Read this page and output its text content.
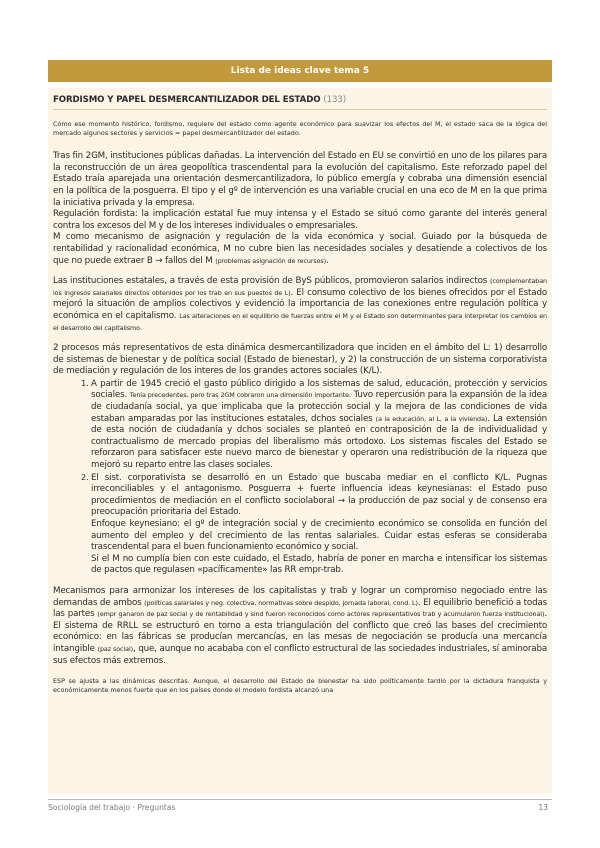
Lista de ideas clave tema 5
FORDISMO Y PAPEL DESMERCANTILIZADOR DEL ESTADO (133)

Cómo ese momento histórico, fordismo, requiere del estado como agente económico para suavizar los efectos del M, el estado saca de la lógica del mercado algunos sectores y servicios = papel desmercantilizador del estado.

Tras fin 2GM, instituciones públicas dañadas. La intervención del Estado en EU se convirtió en uno de los pilares para la reconstrucción de un área geopolítica trascendental para la evolución del capitalismo. Este reforzado papel del Estado traía aparejada una orientación desmercantilizadora, lo público emergía y cobraba una dimensión esencial en la política de la posguerra. El tipo y el gº de intervención es una variable crucial en una eco de M en la que prima la iniciativa privada y la empresa.
Regulación fordista: la implicación estatal fue muy intensa y el Estado se situó como garante del interés general contra los excesos del M y de los intereses individuales o empresariales.
M como mecanismo de asignación y regulación de la vida económica y social. Guiado por la búsqueda de rentabilidad y racionalidad económica, M no cubre bien las necesidades sociales y desatiende a colectivos de los que no puede extraer B → fallos del M (problemas asignación de recursos).

Las instituciones estatales, a través de esta provisión de ByS públicos, promovieron salarios indirectos (complementaban los ingresos salariales directos obtenidos por los trab en sus puestos de L). El consumo colectivo de los bienes ofrecidos por el Estado mejoró la situación de amplios colectivos y evidenció la importancia de las conexiones entre regulación política y económica en el capitalismo. Las alteraciones en el equilibrio de fuerzas entre el M y el Estado son determinantes para interpretar los cambios en el desarrollo del capitalismo.

2 procesos más representativos de esta dinámica desmercantilizadora que inciden en el ámbito del L: 1) desarrollo de sistemas de bienestar y de política social (Estado de bienestar), y 2) la construcción de un sistema corporativista de mediación y regulación de los interes de los grandes actores sociales (K/L).

1. A partir de 1945 creció el gasto público dirigido a los sistemas de salud, educación, protección y servicios sociales. Tenía precedentes, pero tras 2GM cobraron una dimensión importante. Tuvo repercusión para la expansión de la idea de ciudadanía social, ya que implicaba que la protección social y la mejora de las condiciones de vida estaban amparadas por las instituciones estatales, dchos sociales (a la educación, al L, a la vivienda). La extensión de esta noción de ciudadanía y dchos sociales se planteó en contraposición de la de individualidad y contractualismo de mercado propias del liberalismo más ortodoxo. Los sistemas fiscales del Estado se reforzaron para satisfacer este nuevo marco de bienestar y operaron una redistribución de la riqueza que mejoró su reparto entre las clases sociales.
2. El sist. corporativista se desarrolló en un Estado que buscaba mediar en el conflicto K/L. Pugnas irreconciliables y el antagonismo. Posguerra + fuerte influencia ideas keynesianas: el Estado puso procedimientos de mediación en el conflicto sociolaboral → la producción de paz social y de consenso era preocupación prioritaria del Estado.
Enfoque keynesiano: el gº de integración social y de crecimiento económico se consolida en función del aumento del empleo y del crecimiento de las rentas salariales. Cuidar estas esferas se consideraba trascendental para el buen funcionamiento económico y social.
Si el M no cumplía bien con este cuidado, el Estado, habría de poner en marcha e intensificar los sistemas de pactos que regulasen «pacíficamente» las RR empr-trab.

Mecanismos para armonizar los intereses de los capitalistas y trab y lograr un compromiso negociado entre las demandas de ambos (políticas salariales y neg. colectiva, normativas sobre despido, jornada laboral, cond. L). El equilibrio benefició a todas las partes (empr ganaron de paz social y de rentabilidad y sind fueron reconocidos como actores representativos trab y acumularon fuerza institucional). El sistema de RRLL se estructuró en torno a esta triangulación del conflicto que creó las bases del crecimiento económico: en las fábricas se producían mercancías, en las mesas de negociación se producía una mercancía intangible (paz social), que, aunque no acababa con el conflicto estructural de las sociedades industriales, sí aminoraba sus efectos más extremos.

ESP se ajusta a las dinámicas descritas. Aunque, el desarrollo del Estado de bienestar ha sido políticamente tardío por la dictadura franquista y económicamente menos fuerte que en los países donde el modelo fordista alcanzó una

Sociología del trabajo · Preguntas	13
